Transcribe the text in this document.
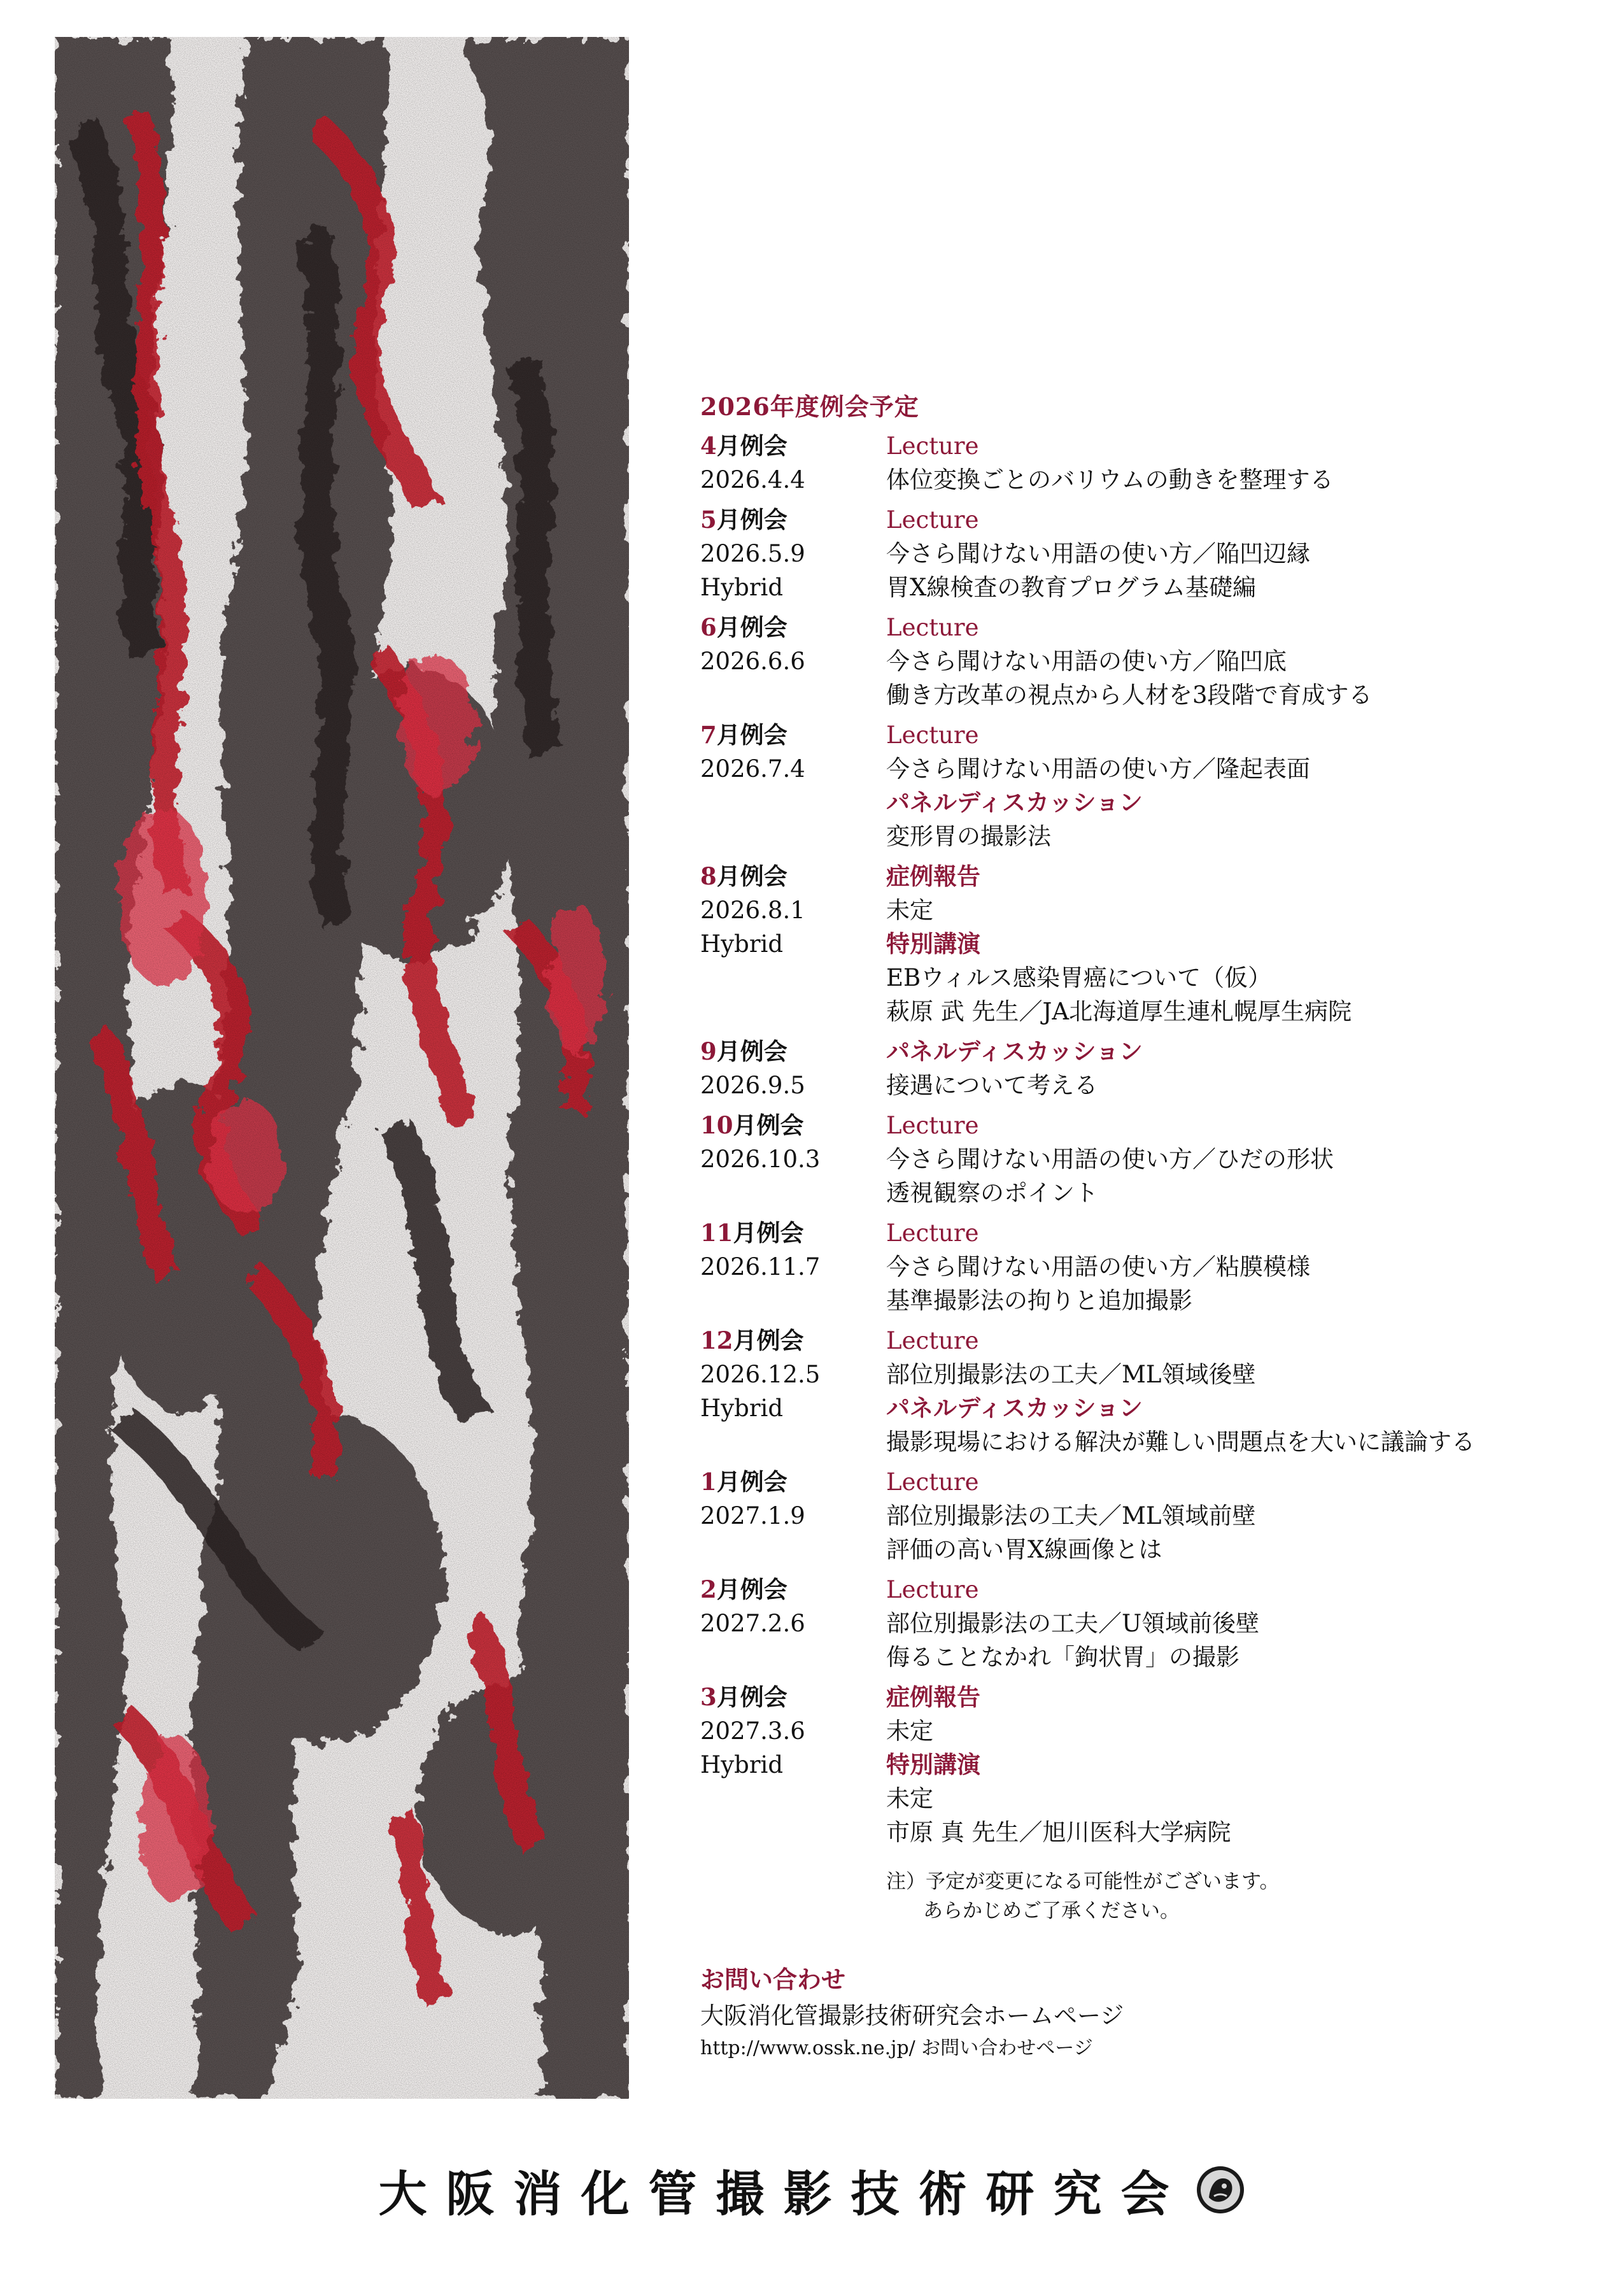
2026年度例会予定
4月例会
2026.4.4
Lecture
体位変換ごとのバリウムの動きを整理する
5月例会
2026.5.9
Hybrid
Lecture
今さら聞けない用語の使い方／陥凹辺縁
胃X線検査の教育プログラム基礎編
6月例会
2026.6.6
Lecture
今さら聞けない用語の使い方／陥凹底
働き方改革の視点から人材を3段階で育成する
7月例会
2026.7.4
Lecture
今さら聞けない用語の使い方／隆起表面
パネルディスカッション
変形胃の撮影法
8月例会
2026.8.1
Hybrid
症例報告
未定
特別講演
EBウィルス感染胃癌について（仮）
萩原 武 先生／JA北海道厚生連札幌厚生病院
9月例会
2026.9.5
パネルディスカッション
接遇について考える
10月例会
2026.10.3
Lecture
今さら聞けない用語の使い方／ひだの形状
透視観察のポイント
11月例会
2026.11.7
Lecture
今さら聞けない用語の使い方／粘膜模様
基準撮影法の拘りと追加撮影
12月例会
2026.12.5
Hybrid
Lecture
部位別撮影法の工夫／ML領域後壁
パネルディスカッション
撮影現場における解決が難しい問題点を大いに議論する
1月例会
2027.1.9
Lecture
部位別撮影法の工夫／ML領域前壁
評価の高い胃X線画像とは
2月例会
2027.2.6
Lecture
部位別撮影法の工夫／U領域前後壁
侮ることなかれ「鉤状胃」の撮影
3月例会
2027.3.6
Hybrid
症例報告
未定
特別講演
未定
市原 真 先生／旭川医科大学病院
注）予定が変更になる可能性がございます。
あらかじめご了承ください。
お問い合わせ
大阪消化管撮影技術研究会ホームページ
http://www.ossk.ne.jp/ お問い合わせページ
大阪消化管撮影技術研究会
